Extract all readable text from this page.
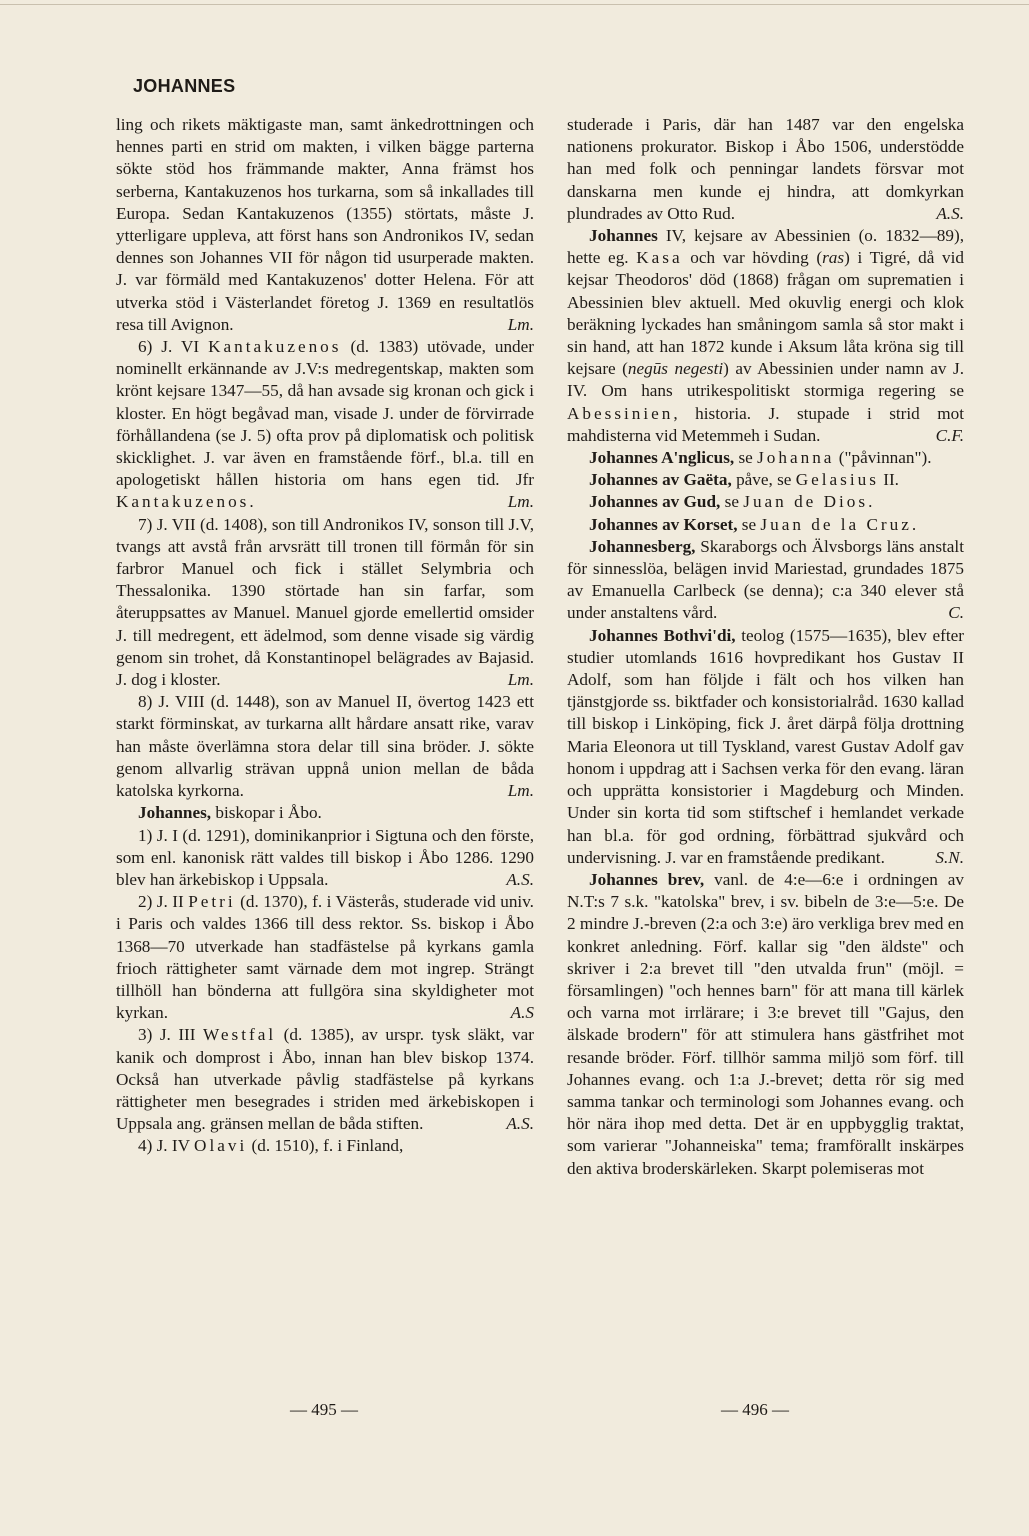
JOHANNES

ling och rikets mäktigaste man, samt änkedrottningen och hennes parti en strid om makten, i vilken bägge parterna sökte stöd hos främmande makter, Anna främst hos serberna, Kantakuzenos hos turkarna, som så inkallades till Europa. Sedan Kantakuzenos (1355) störtats, måste J. ytterligare uppleva, att först hans son Andronikos IV, sedan dennes son Johannes VII för någon tid usurperade makten. J. var förmäld med Kantakuzenos' dotter Helena. För att utverka stöd i Västerlandet företog J. 1369 en resultatlös resa till Avignon.	Lm.

6) J. VI Kantakuzenos (d. 1383) utövade, under nominellt erkännande av J.V:s medregentskap, makten som krönt kejsare 1347—55, då han avsade sig kronan och gick i kloster. En högt begåvad man, visade J. under de förvirrade förhållandena (se J. 5) ofta prov på diplomatisk och politisk skicklighet. J. var även en framstående förf., bl.a. till en apologetiskt hållen historia om hans egen tid. Jfr Kantakuzenos.	Lm.

7) J. VII (d. 1408), son till Andronikos IV, sonson till J.V, tvangs att avstå från arvsrätt till tronen till förmån för sin farbror Manuel och fick i stället Selymbria och Thessalonika. 1390 störtade han sin farfar, som återuppsattes av Manuel. Manuel gjorde emellertid omsider J. till medregent, ett ädelmod, som denne visade sig värdig genom sin trohet, då Konstantinopel belägrades av Bajasid. J. dog i kloster.	Lm.

8) J. VIII (d. 1448), son av Manuel II, övertog 1423 ett starkt förminskat, av turkarna allt hårdare ansatt rike, varav han måste överlämna stora delar till sina bröder. J. sökte genom allvarlig strävan uppnå union mellan de båda katolska kyrkorna.	Lm.

Johannes, biskopar i Åbo.

1) J. I (d. 1291), dominikanprior i Sigtuna och den förste, som enl. kanonisk rätt valdes till biskop i Åbo 1286. 1290 blev han ärkebiskop i Uppsala.	A.S.

2) J. II Petri (d. 1370), f. i Västerås, studerade vid univ. i Paris och valdes 1366 till dess rektor. Ss. biskop i Åbo 1368—70 utverkade han stadfästelse på kyrkans gamla frioch rättigheter samt värnade dem mot ingrep. Strängt tillhöll han bönderna att fullgöra sina skyldigheter mot kyrkan.	A.S

3) J. III Westfal (d. 1385), av urspr. tysk släkt, var kanik och domprost i Åbo, innan han blev biskop 1374. Också han utverkade påvlig stadfästelse på kyrkans rättigheter men besegrades i striden med ärkebiskopen i Uppsala ang. gränsen mellan de båda stiften.	A.S.

4) J. IV Olavi (d. 1510), f. i Finland,

studerade i Paris, där han 1487 var den engelska nationens prokurator. Biskop i Åbo 1506, understödde han med folk och penningar landets försvar mot danskarna men kunde ej hindra, att domkyrkan plundrades av Otto Rud.	A.S.

Johannes IV, kejsare av Abessinien (o. 1832—89), hette eg. Kasa och var hövding (ras) i Tigré, då vid kejsar Theodoros' död (1868) frågan om suprematien i Abessinien blev aktuell. Med okuvlig energi och klok beräkning lyckades han småningom samla så stor makt i sin hand, att han 1872 kunde i Aksum låta kröna sig till kejsare (negūs negesti) av Abessinien under namn av J. IV. Om hans utrikespolitiskt stormiga regering se Abessinien, historia. J. stupade i strid mot mahdisterna vid Metemmeh i Sudan.	C.F.

Johannes A'nglicus, se Johanna ("påvinnan").

Johannes av Gaëta, påve, se Gelasius II.

Johannes av Gud, se Juan de Dios.

Johannes av Korset, se Juan de la Cruz.

Johannesberg, Skaraborgs och Älvsborgs läns anstalt för sinnesslöa, belägen invid Mariestad, grundades 1875 av Emanuella Carlbeck (se denna); c:a 340 elever stå under anstaltens vård.	C.

Johannes Bothvi'di, teolog (1575—1635), blev efter studier utomlands 1616 hovpredikant hos Gustav II Adolf, som han följde i fält och hos vilken han tjänstgjorde ss. biktfader och konsistorialråd. 1630 kallad till biskop i Linköping, fick J. året därpå följa drottning Maria Eleonora ut till Tyskland, varest Gustav Adolf gav honom i uppdrag att i Sachsen verka för den evang. läran och upprätta konsistorier i Magdeburg och Minden. Under sin korta tid som stiftschef i hemlandet verkade han bl.a. för god ordning, förbättrad sjukvård och undervisning. J. var en framstående predikant.	S.N.

Johannes brev, vanl. de 4:e—6:e i ordningen av N.T:s 7 s.k. "katolska" brev, i sv. bibeln de 3:e—5:e. De 2 mindre J.-breven (2:a och 3:e) äro verkliga brev med en konkret anledning. Förf. kallar sig "den äldste" och skriver i 2:a brevet till "den utvalda frun" (möjl. = församlingen) "och hennes barn" för att mana till kärlek och varna mot irrlärare; i 3:e brevet till "Gajus, den älskade brodern" för att stimulera hans gästfrihet mot resande bröder. Förf. tillhör samma miljö som förf. till Johannes evang. och 1:a J.-brevet; detta rör sig med samma tankar och terminologi som Johannes evang. och hör nära ihop med detta. Det är en uppbygglig traktat, som varierar "Johanneiska" tema; framförallt inskärpes den aktiva broderskärleken. Skarpt polemiseras mot

— 495 —	— 496 —
